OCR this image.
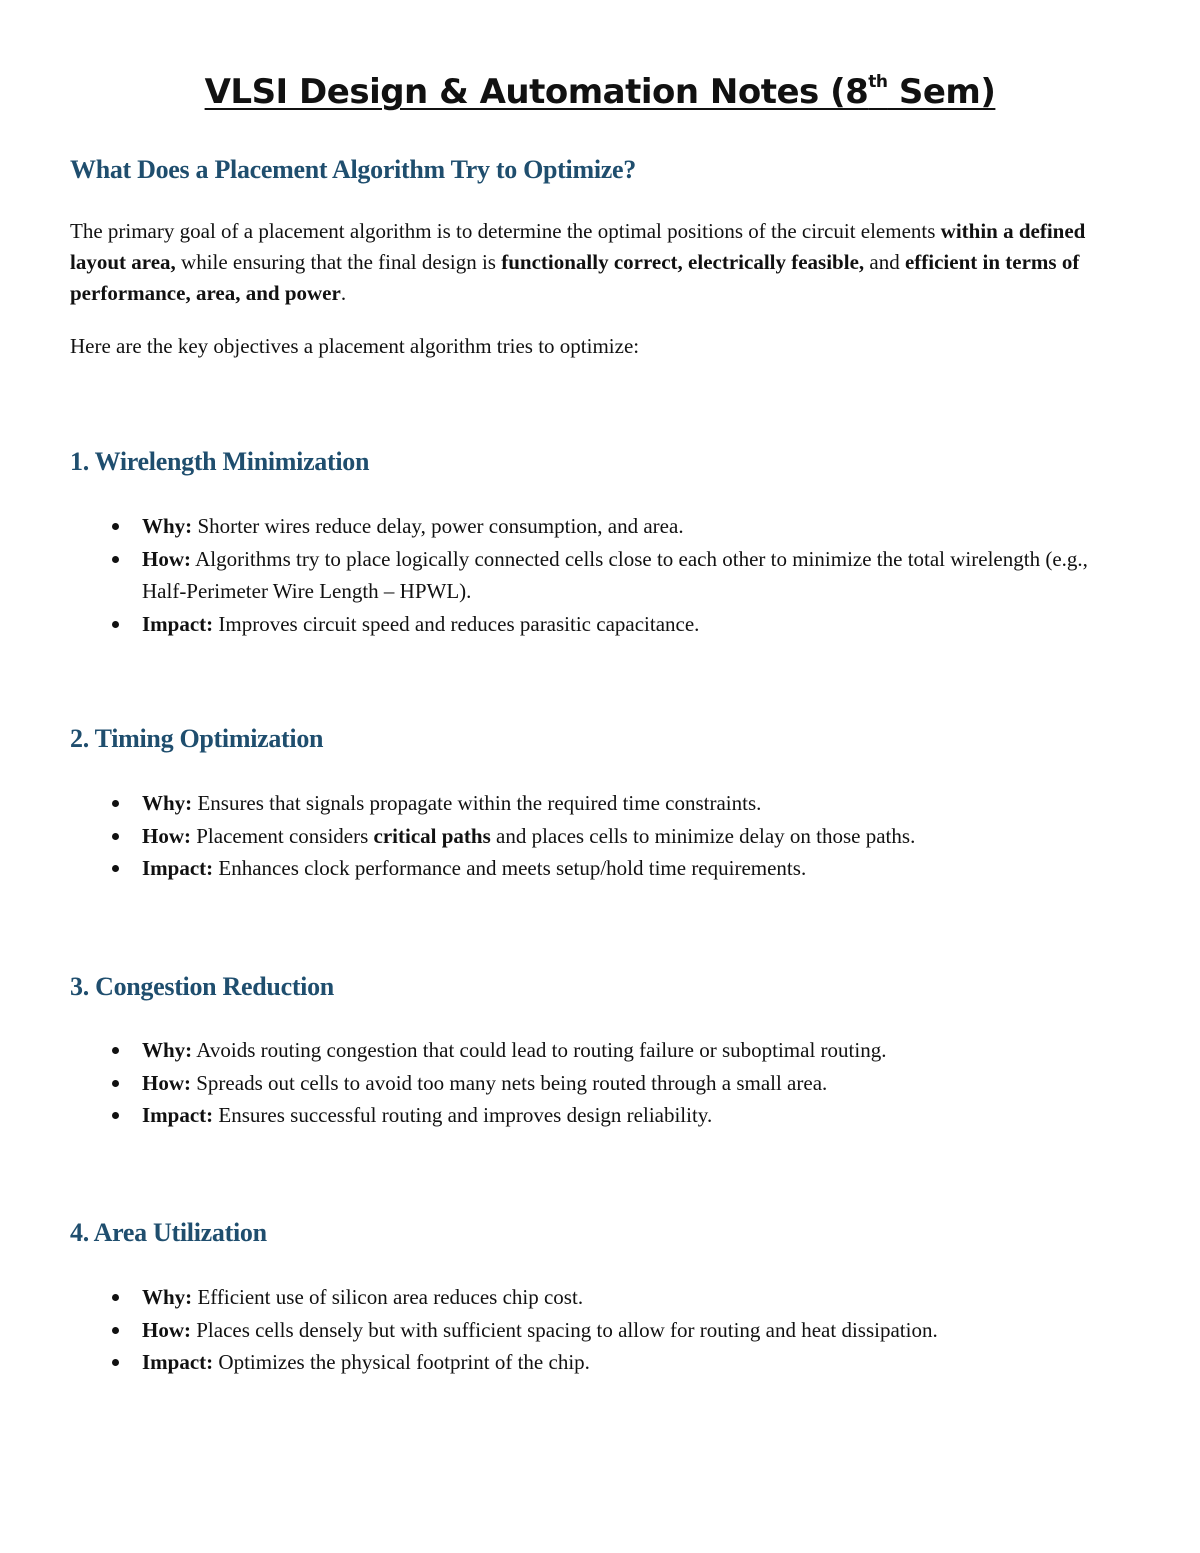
VLSI Design & Automation Notes (8th Sem)
What Does a Placement Algorithm Try to Optimize?

The primary goal of a placement algorithm is to determine the optimal positions of the circuit elements within a defined layout area, while ensuring that the final design is functionally correct, electrically feasible, and efficient in terms of performance, area, and power.

Here are the key objectives a placement algorithm tries to optimize:

1. Wirelength Minimization
Why: Shorter wires reduce delay, power consumption, and area.
How: Algorithms try to place logically connected cells close to each other to minimize the total wirelength (e.g., Half-Perimeter Wire Length – HPWL).
Impact: Improves circuit speed and reduces parasitic capacitance.
2. Timing Optimization
Why: Ensures that signals propagate within the required time constraints.
How: Placement considers critical paths and places cells to minimize delay on those paths.
Impact: Enhances clock performance and meets setup/hold time requirements.
3. Congestion Reduction
Why: Avoids routing congestion that could lead to routing failure or suboptimal routing.
How: Spreads out cells to avoid too many nets being routed through a small area.
Impact: Ensures successful routing and improves design reliability.
4. Area Utilization
Why: Efficient use of silicon area reduces chip cost.
How: Places cells densely but with sufficient spacing to allow for routing and heat dissipation.
Impact: Optimizes the physical footprint of the chip.
